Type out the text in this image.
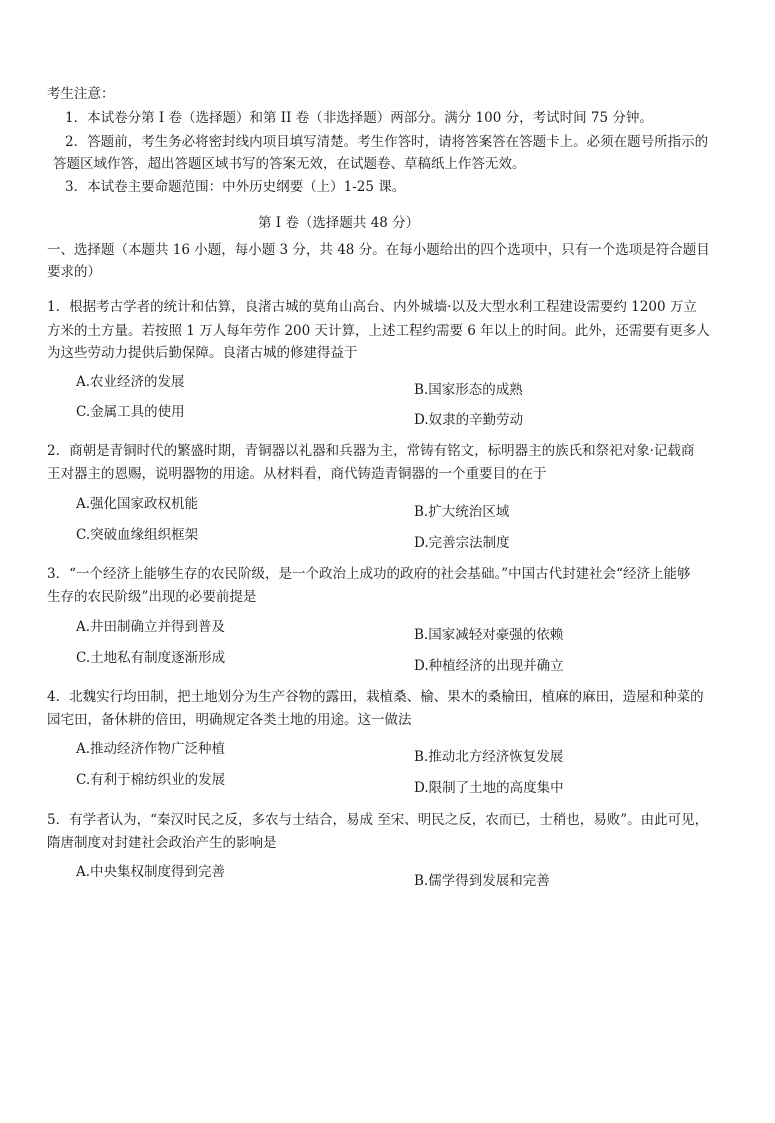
考生注意：
1．本试卷分第 I 卷（选择题）和第 II 卷（非选择题）两部分。满分 100 分，考试时间 75 分钟。
2．答题前，考生务必将密封线内项目填写清楚。考生作答时，请将答案答在答题卡上。必须在题号所指示的
答题区域作答，超出答题区域书写的答案无效，在试题卷、草稿纸上作答无效。
3．本试卷主要命题范围：中外历史纲要（上）1-25 课。
第 I 卷（选择题共 48 分）
一、选择题（本题共 16 小题，每小题 3 分，共 48 分。在每小题给出的四个选项中，只有一个选项是符合题目
要求的）
1．根据考古学者的统计和估算，良渚古城的莫角山高台、内外城墙·以及大型水利工程建设需要约 1200 万立
方米的土方量。若按照 1 万人每年劳作 200 天计算，上述工程约需要 6 年以上的时间。此外，还需要有更多人
为这些劳动力提供后勤保障。良渚古城的修建得益于
A.农业经济的发展	B.国家形态的成熟
C.金属工具的使用	D.奴隶的辛勤劳动
2．商朝是青铜时代的繁盛时期，青铜器以礼器和兵器为主，常铸有铭文，标明器主的族氏和祭祀对象·记载商
王对器主的恩赐，说明器物的用途。从材料看，商代铸造青铜器的一个重要目的在于
A.强化国家政权机能	B.扩大统治区域
C.突破血缘组织框架	D.完善宗法制度
3．“一个经济上能够生存的农民阶级，是一个政治上成功的政府的社会基础。”中国古代封建社会“经济上能够
生存的农民阶级”出现的必要前提是
A.井田制确立并得到普及	B.国家减轻对豪强的依赖
C.土地私有制度逐渐形成	D.种植经济的出现并确立
4．北魏实行均田制，把土地划分为生产谷物的露田，栽植桑、榆、果木的桑榆田，植麻的麻田，造屋和种菜的
园宅田，备休耕的倍田，明确规定各类土地的用途。这一做法
A.推动经济作物广泛种植	B.推动北方经济恢复发展
C.有利于棉纺织业的发展	D.限制了土地的高度集中
5．有学者认为，“秦汉时民之反，多农与士结合，易成 至宋、明民之反，农而已，士稍也，易败”。由此可见，
隋唐制度对封建社会政治产生的影响是
A.中央集权制度得到完善
B.儒学得到发展和完善
